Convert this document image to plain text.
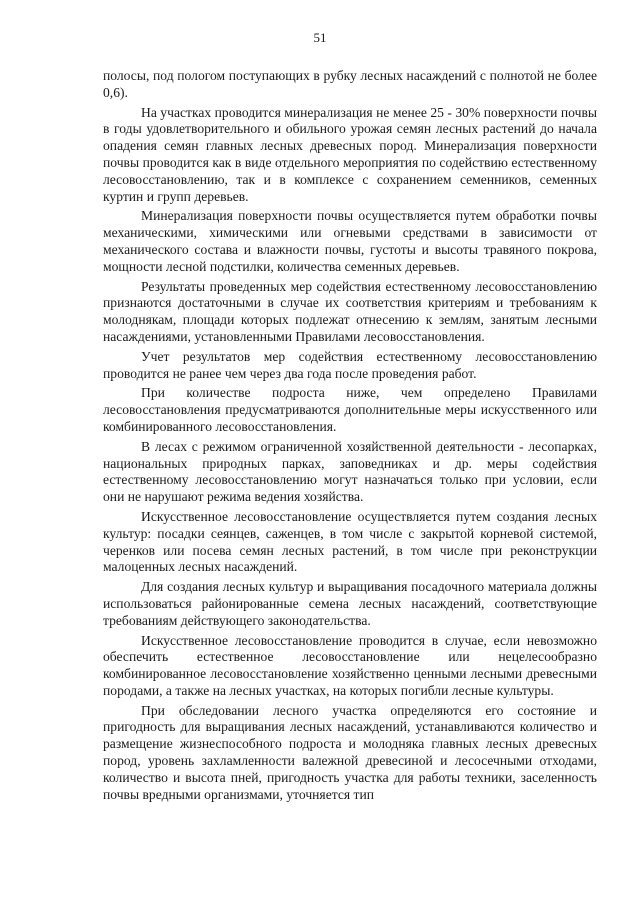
51

полосы, под пологом поступающих в рубку лесных насаждений с полнотой не более 0,6).

На участках проводится минерализация не менее 25 - 30% поверхности почвы в годы удовлетворительного и обильного урожая семян лесных растений до начала опадения семян главных лесных древесных пород. Минерализация поверхности почвы проводится как в виде отдельного мероприятия по содействию естественному лесовосстановлению, так и в комплексе с сохранением семенников, семенных куртин и групп деревьев.

Минерализация поверхности почвы осуществляется путем обработки почвы механическими, химическими или огневыми средствами в зависимости от механического состава и влажности почвы, густоты и высоты травяного покрова, мощности лесной подстилки, количества семенных деревьев.

Результаты проведенных мер содействия естественному лесовосстановлению признаются достаточными в случае их соответствия критериям и требованиям к молоднякам, площади которых подлежат отнесению к землям, занятым лесными насаждениями, установленными Правилами лесовосстановления.

Учет результатов мер содействия естественному лесовосстановлению проводится не ранее чем через два года после проведения работ.

При количестве подроста ниже, чем определено Правилами лесовосстановления предусматриваются дополнительные меры искусственного или комбинированного лесовосстановления.

В лесах с режимом ограниченной хозяйственной деятельности - лесопарках, национальных природных парках, заповедниках и др. меры содействия естественному лесовосстановлению могут назначаться только при условии, если они не нарушают режима ведения хозяйства.

Искусственное лесовосстановление осуществляется путем создания лесных культур: посадки сеянцев, саженцев, в том числе с закрытой корневой системой, черенков или посева семян лесных растений, в том числе при реконструкции малоценных лесных насаждений.

Для создания лесных культур и выращивания посадочного материала должны использоваться районированные семена лесных насаждений, соответствующие требованиям действующего законодательства.

Искусственное лесовосстановление проводится в случае, если невозможно обеспечить естественное лесовосстановление или нецелесообразно комбинированное лесовосстановление хозяйственно ценными лесными древесными породами, а также на лесных участках, на которых погибли лесные культуры.

При обследовании лесного участка определяются его состояние и пригодность для выращивания лесных насаждений, устанавливаются количество и размещение жизнеспособного подроста и молодняка главных лесных древесных пород, уровень захламленности валежной древесиной и лесосечными отходами, количество и высота пней, пригодность участка для работы техники, заселенность почвы вредными организмами, уточняется тип
